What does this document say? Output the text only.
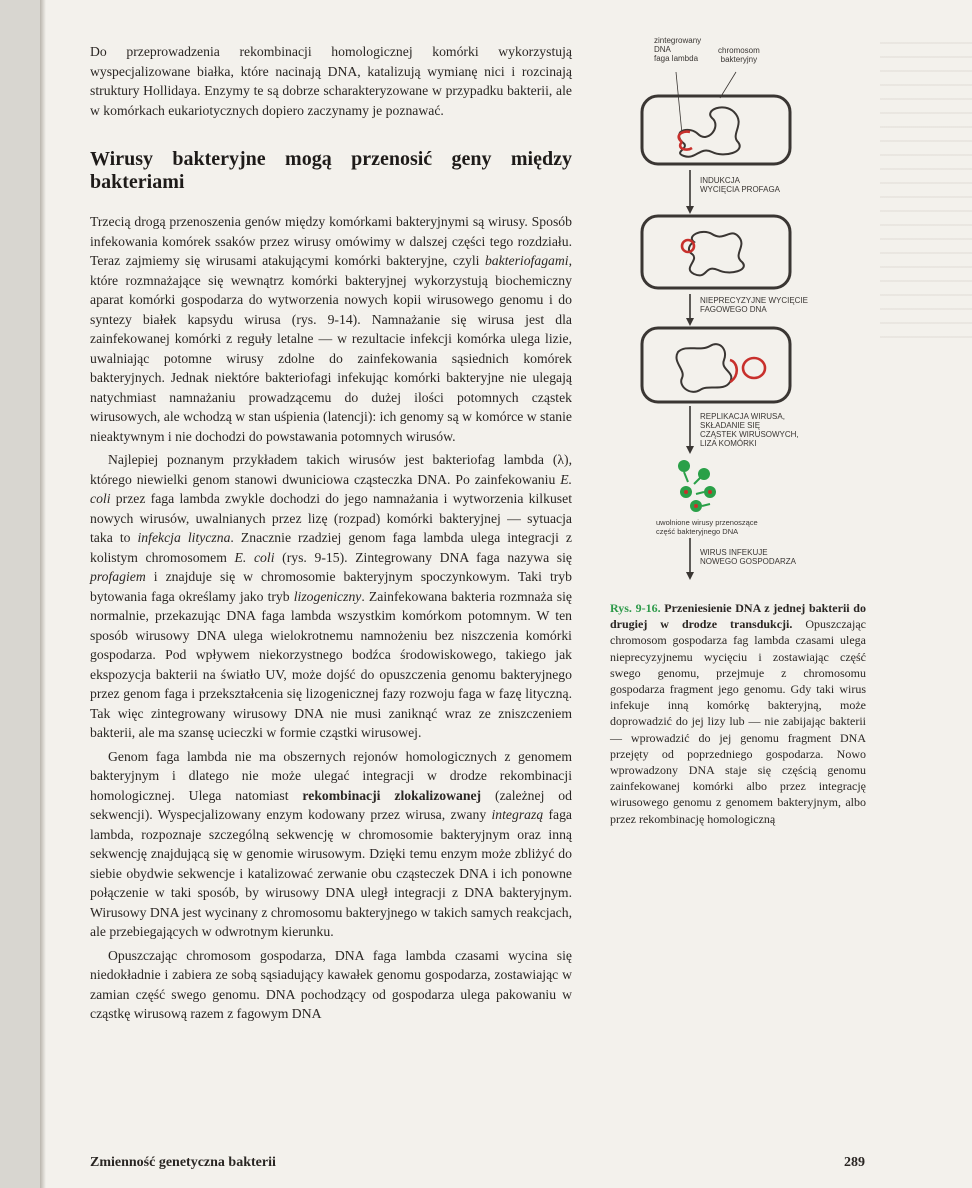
Do przeprowadzenia rekombinacji homologicznej komórki wykorzystują wyspecjalizowane białka, które nacinają DNA, katalizują wymianę nici i rozcinają struktury Hollidaya. Enzymy te są dobrze scharakteryzowane w przypadku bakterii, ale w komórkach eukariotycznych dopiero zaczynamy je poznawać.

Wirusy bakteryjne mogą przenosić geny między bakteriami

Trzecią drogą przenoszenia genów między komórkami bakteryjnymi są wirusy. Sposób infekowania komórek ssaków przez wirusy omówimy w dalszej części tego rozdziału. Teraz zajmiemy się wirusami atakującymi komórki bakteryjne, czyli bakteriofagami, które rozmnażające się wewnątrz komórki bakteryjnej wykorzystują biochemiczny aparat komórki gospodarza do wytworzenia nowych kopii wirusowego genomu i do syntezy białek kapsydu wirusa (rys. 9-14). Namnażanie się wirusa jest dla zainfekowanej komórki z reguły letalne — w rezultacie infekcji komórka ulega lizie, uwalniając potomne wirusy zdolne do zainfekowania sąsiednich komórek bakteryjnych. Jednak niektóre bakteriofagi infekując komórki bakteryjne nie ulegają natychmiast namnażaniu prowadzącemu do dużej ilości potomnych cząstek wirusowych, ale wchodzą w stan uśpienia (latencji): ich genomy są w komórce w stanie nieaktywnym i nie dochodzi do powstawania potomnych wirusów.

Najlepiej poznanym przykładem takich wirusów jest bakteriofag lambda (λ), którego niewielki genom stanowi dwuniciowa cząsteczka DNA. Po zainfekowaniu E. coli przez faga lambda zwykle dochodzi do jego namnażania i wytworzenia kilkuset nowych wirusów, uwalnianych przez lizę (rozpad) komórki bakteryjnej — sytuacja taka to infekcja lityczna. Znacznie rzadziej genom faga lambda ulega integracji z kolistym chromosomem E. coli (rys. 9-15). Zintegrowany DNA faga nazywa się profagiem i znajduje się w chromosomie bakteryjnym spoczynkowym. Taki tryb bytowania faga określamy jako tryb lizogeniczny. Zainfekowana bakteria rozmnaża się normalnie, przekazując DNA faga lambda wszystkim komórkom potomnym. W ten sposób wirusowy DNA ulega wielokrotnemu namnożeniu bez niszczenia komórki gospodarza. Pod wpływem niekorzystnego bodźca środowiskowego, takiego jak ekspozycja bakterii na światło UV, może dojść do opuszczenia genomu bakteryjnego przez genom faga i przekształcenia się lizogenicznej fazy rozwoju faga w fazę lityczną. Tak więc zintegrowany wirusowy DNA nie musi zaniknąć wraz ze zniszczeniem bakterii, ale ma szansę ucieczki w formie cząstki wirusowej.

Genom faga lambda nie ma obszernych rejonów homologicznych z genomem bakteryjnym i dlatego nie może ulegać integracji w drodze rekombinacji homologicznej. Ulega natomiast rekombinacji zlokalizowanej (zależnej od sekwencji). Wyspecjalizowany enzym kodowany przez wirusa, zwany integrazą faga lambda, rozpoznaje szczególną sekwencję w chromosomie bakteryjnym oraz inną sekwencję znajdującą się w genomie wirusowym. Dzięki temu enzym może zbliżyć do siebie obydwie sekwencje i katalizować zerwanie obu cząsteczek DNA i ich ponowne połączenie w taki sposób, by wirusowy DNA uległ integracji z DNA bakteryjnym. Wirusowy DNA jest wycinany z chromosomu bakteryjnego w takich samych reakcjach, ale przebiegających w odwrotnym kierunku.

Opuszczając chromosom gospodarza, DNA faga lambda czasami wycina się niedokładnie i zabiera ze sobą sąsiadujący kawałek genomu gospodarza, zostawiając w zamian część swego genomu. DNA pochodzący od gospodarza ulega pakowaniu w cząstkę wirusową razem z fagowym DNA

zintegrowany
DNA
faga lambda
chromosom
bakteryjny
INDUKCJA
WYCIĘCIA PROFAGA
NIEPRECYZYJNE WYCIĘCIE
FAGOWEGO DNA
REPLIKACJA WIRUSA,
SKŁADANIE SIĘ
CZĄSTEK WIRUSOWYCH,
LIZA KOMÓRKI
uwolnione wirusy przenoszące
część bakteryjnego DNA
WIRUS INFEKUJE
NOWEGO GOSPODARZA
Rys. 9-16. Przeniesienie DNA z jednej bakterii do drugiej w drodze transdukcji. Opuszczając chromosom gospodarza fag lambda czasami ulega nieprecyzyjnemu wycięciu i zostawiając część swego genomu, przejmuje z chromosomu gospodarza fragment jego genomu. Gdy taki wirus infekuje inną komórkę bakteryjną, może doprowadzić do jej lizy lub — nie zabijając bakterii — wprowadzić do jej genomu fragment DNA przejęty od poprzedniego gospodarza. Nowo wprowadzony DNA staje się częścią genomu zainfekowanej komórki albo przez integrację wirusowego genomu z genomem bakteryjnym, albo przez rekombinację homologiczną
Zmienność genetyczna bakterii	289
